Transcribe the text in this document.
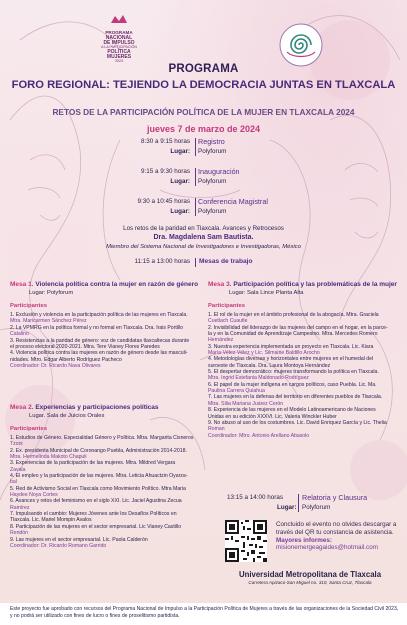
PROGRAMA
NACIONAL
DE IMPULSO
A LA PARTICIPACIÓN
POLÍTICA
MUJERES
2023
PROGRAMA
FORO REGIONAL: TEJIENDO LA DEMOCRACIA JUNTAS EN TLAXCALA
RETOS DE LA PARTICIPACIÓN POLÍTICA DE LA MUJER EN TLAXCALA 2024
jueves 7 de marzo de 2024
8:30 a 9:15 horas
Lugar:
Registro
Polyforum
9:15 a 9:30 horas
Lugar:
Inauguración
Polyforum
9:30 a 10:45 horas
Lugar:
Conferencia Magistral
Polyforum
Los retos de la paridad en Tlaxcala. Avances y Retrocesos
Dra. Magdalena Sam Bautista.
Miembro del Sistema Nacional de Investigadores e Investigadoras, México
11:15 a 13:00 horas Mesas de trabajo
Mesa 1. Violencia política contra la mujer en razón de género
Lugar: Polyforum
Participantes
1. Exclusión y violencia en la participación política de las mujeres en Tlaxcala.
Mtra. Maricarmen Sánchez Pérez
2. La VPMRG en la política formal y no formal en Tlaxcala. Dra. Irais Portillo
Catalino
3. Resistencias a la paridad de género: voz de candidatas tlaxcaltecas durante
el proceso electoral 2020-2021. Mtra. Tere Vianey Flores Paredes
4. Violencia política contra las mujeres en razón de género desde las masculi-
nidades. Mtro. Edgar Alberto Rodríguez Pacheco
Coordinador: Dr. Ricardo Nava Olivares
Mesa 2. Experiencias y participaciones políticas
Lugar. Sala de Juicios Orales
Participantes
1. Estudios de Género. Especialidad Género y Política. Mtra. Margarita Cisneros
Tzoni
2. Ex. presidenta Municipal de Coronango Puebla, Administración 2014-2018.
Mtra. Hermelinda Makoto Chapuli
3. Experiencias de la participación de las mujeres. Mtra. Mildred Vergara
Zavala
4. El empleo y la participación de las mujeres. Mtra. Leticia Ahuactzin Oyarza-
bal
5. Red de Activismo Social en Tlaxcala como Movimiento Político. Mtra Maria
Haydee Noya Cortes
6. Avances y retos del feminismo en el siglo XXI. Lic. Jaciel Agustina Zecua
Ramírez
7. Impulsando el cambio: Mujeres Jóvenes ante los Desafíos Políticos en
Tlaxcala. Lic. Mariel Mompin Avalos
8. Participación de las mujeres en el sector empresarial. Lic Vianey Castillo
Rendón
9. Las mujeres en el sector empresarial. Lic. Paola Calderón
Coordinador: Dr. Ricardo Romano Garrido
Mesa 3. Participación política y las problemáticas de la mujer
Lugar: Sala Lince Planta Alta
Participantes
1. El rol de la mujer en el ámbito profesional de la abogacía. Mtra. Graciela
Cuetlach Cuautle
2. Invisibilidad del liderazgo de las mujeres del campo en el hogar, en la parce-
la y en la Comunidad de Aprendizaje Campesino. Mtra. Mercedes Romero
Hernández
3. Nuestra experiencia implementada un proyecto en Tlaxcala. Lic. Kiara
María Vélez Vélez y Lic. Silmairie Baldillo Arocho
4. Metodologías diversas y horizontales entre mujeres en el humedal del
suroeste de Tlaxcala. Dra. Laura Montoya Hernández
5. El despertar democrático: mujeres transformando la política en Tlaxcala.
Mtra. Ingrid Estefania Maldonado Rodríguez
6. El papel de la mujer indígena en cargos políticos, caso Puebla. Lic. Ma.
Paulina Carrera Quiahua
7. Las mujeres en la defensa del territorio en diferentes pueblos de Tlaxcala.
Mtra. Silia Mariana Juárez Cerón
8. Experiencia de las mujeres en el Modelo Latinoamericano de Naciones
Unidas en su edición XXXVI. Lic. Valeria Winckler Huber
9. No abuso al uso de los costumbres. Lic. David Enriquez García y Lic. Thelia
Roman
Coordinador: Mtro. Antonio Arellano Abasolo
13:15 a 14:00 horas
Lugar:
Relatoria y Clausura
Polyforum
Concluido el evento no olvides descargar a través del QR tu constancia de asistencia.
Mayores informes:
misionemergeagaides@hotmail.com
Universidad Metropolitana de Tlaxcala
Carretera Apizaco-San Miguel no. 310, Santa Cruz, Tlaxcala
Este proyecto fue aprobado con recursos del Programa Nacional de Impulso a la Participación Política de Mujeres a través de las organizaciones de la Sociedad Civil 2023, y no podrá ser utilizado con fines de lucro o fines de proselitismo partidista.
